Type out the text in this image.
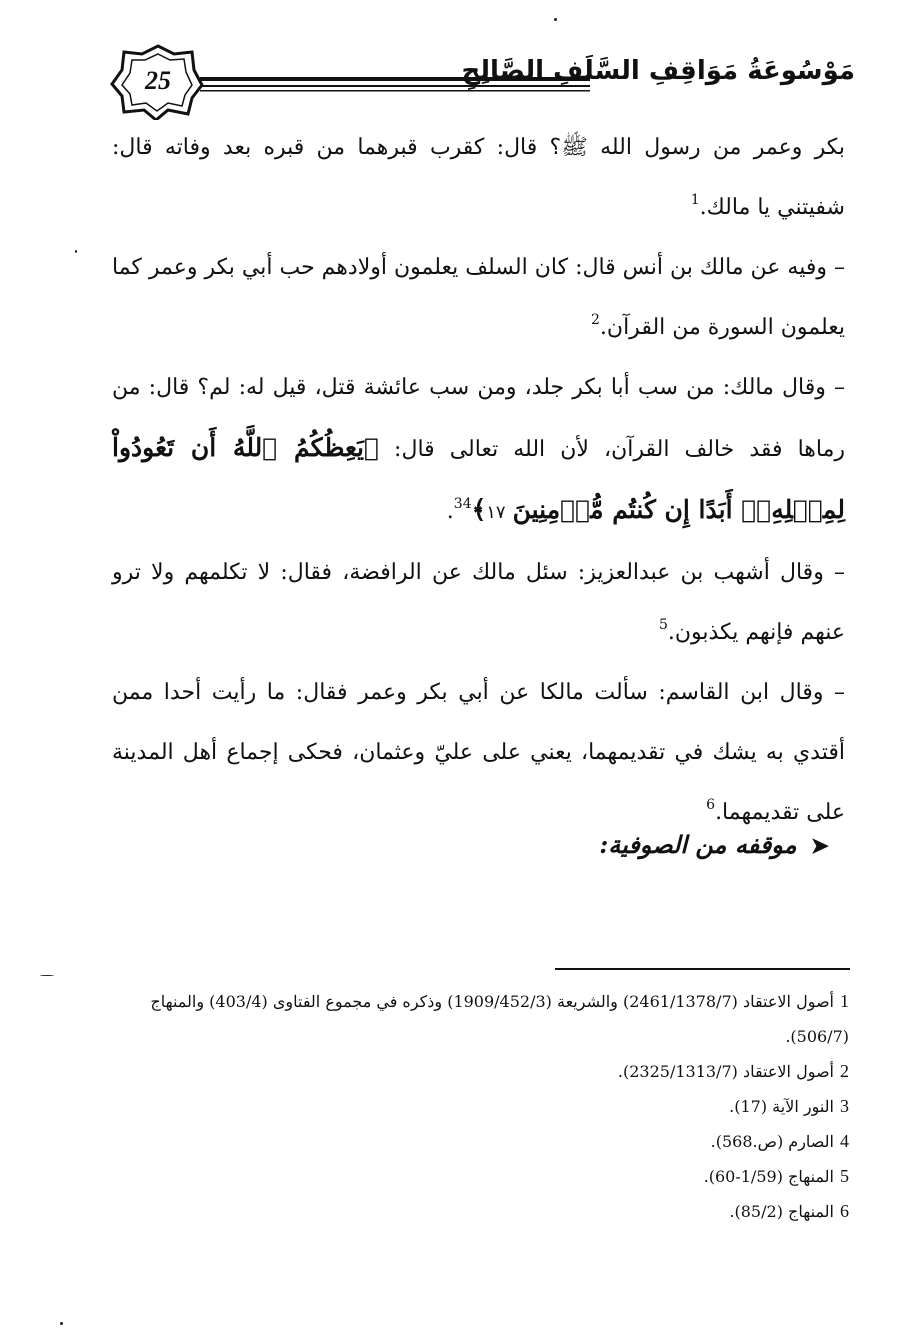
25	مَوْسُوعَةُ مَوَاقِفِ السَّلَفِ الصَّالِحِ

بكر وعمر من رسول الله ﷺ؟ قال: كقرب قبرهما من قبره بعد وفاته قال: شفيتني يا مالك.$^1$

– وفيه عن مالك بن أنس قال: كان السلف يعلمون أولادهم حب أبي بكر وعمر كما يعلمون السورة من القرآن.$^2$

– وقال مالك: من سب أبا بكر جلد، ومن سب عائشة قتل، قيل له: لم؟ قال: من رماها فقد خالف القرآن، لأن الله تعالى قال: ﴿يَعِظُكُمُ ٱللَّهُ أَن تَعُودُواْ لِمِثۡلِهِۦٓ أَبَدًا إِن كُنتُم مُّؤۡمِنِينَ ١٧﴾$^{34}$.

– وقال أشهب بن عبدالعزيز: سئل مالك عن الرافضة، فقال: لا تكلمهم ولا ترو عنهم فإنهم يكذبون.$^5$

– وقال ابن القاسم: سألت مالكا عن أبي بكر وعمر فقال: ما رأيت أحدا ممن أقتدي به يشك في تقديمهما، يعني على عليّ وعثمان، فحكى إجماع أهل المدينة على تقديمهما.$^6$

➤موقفه من الصوفية:

1أصول الاعتقاد (2461/1378/7) والشريعة (1909/452/3) وذكره في مجموع الفتاوى (403/4) والمنهاج (506/7).

2أصول الاعتقاد (2325/1313/7).

3النور الآية (17).

4الصارم (ص.568).

5المنهاج (1/59-60).

6المنهاج (85/2).
